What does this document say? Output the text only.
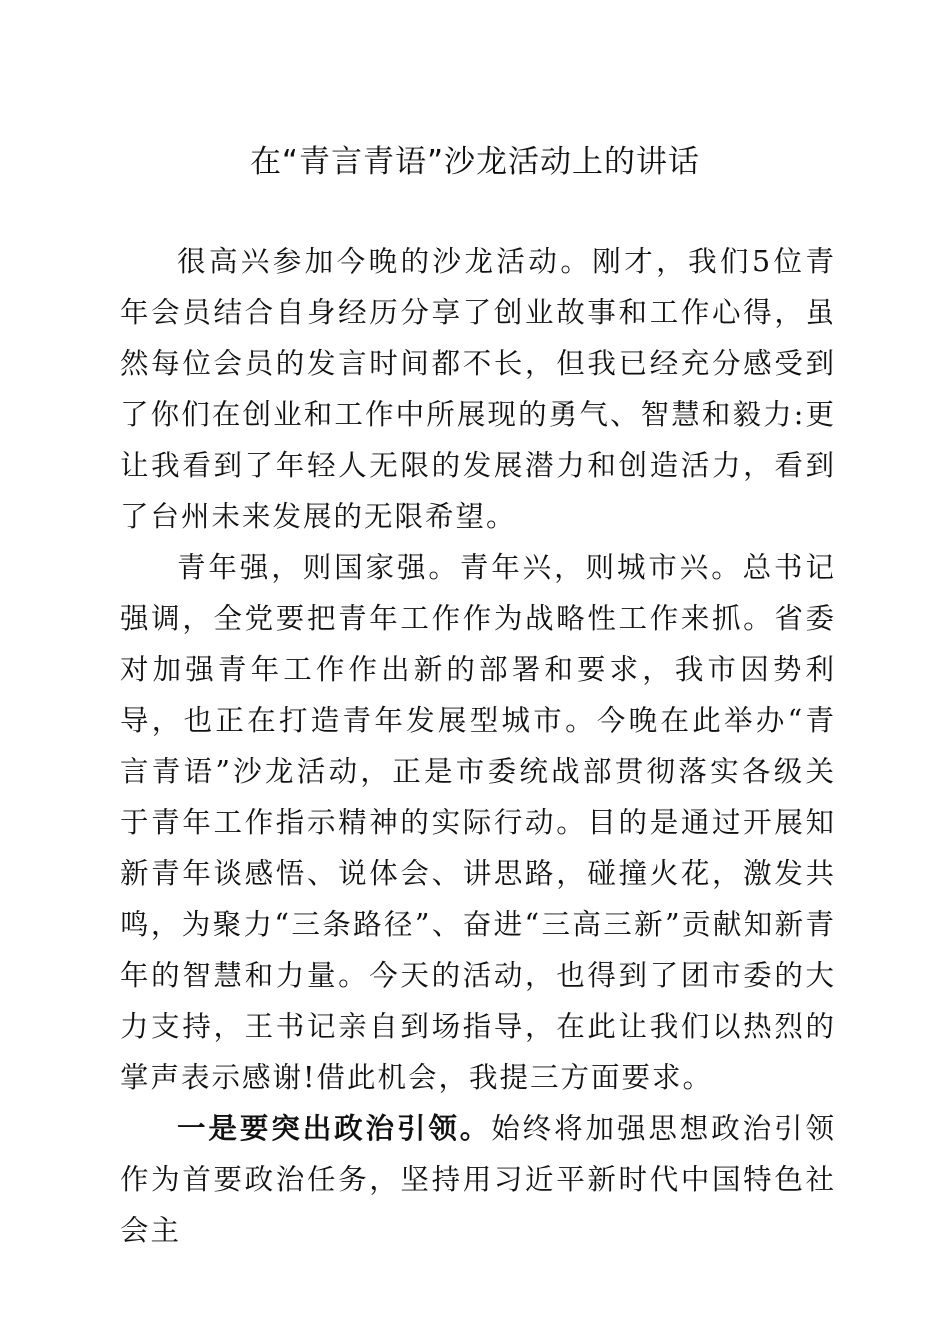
在“青言青语”沙龙活动上的讲话

很高兴参加今晚的沙龙活动。刚才，我们5位青年会员结合自身经历分享了创业故事和工作心得，虽然每位会员的发言时间都不长，但我已经充分感受到了你们在创业和工作中所展现的勇气、智慧和毅力:更让我看到了年轻人无限的发展潜力和创造活力，看到了台州未来发展的无限希望。

青年强，则国家强。青年兴，则城市兴。总书记强调，全党要把青年工作作为战略性工作来抓。省委对加强青年工作作出新的部署和要求，我市因势利导，也正在打造青年发展型城市。今晚在此举办“青言青语”沙龙活动，正是市委统战部贯彻落实各级关于青年工作指示精神的实际行动。目的是通过开展知新青年谈感悟、说体会、讲思路，碰撞火花，激发共鸣，为聚力“三条路径”、奋进“三高三新”贡献知新青年的智慧和力量。今天的活动，也得到了团市委的大力支持，王书记亲自到场指导，在此让我们以热烈的掌声表示感谢!借此机会，我提三方面要求。

一是要突出政治引领。始终将加强思想政治引领作为首要政治任务，坚持用习近平新时代中国特色社会主
